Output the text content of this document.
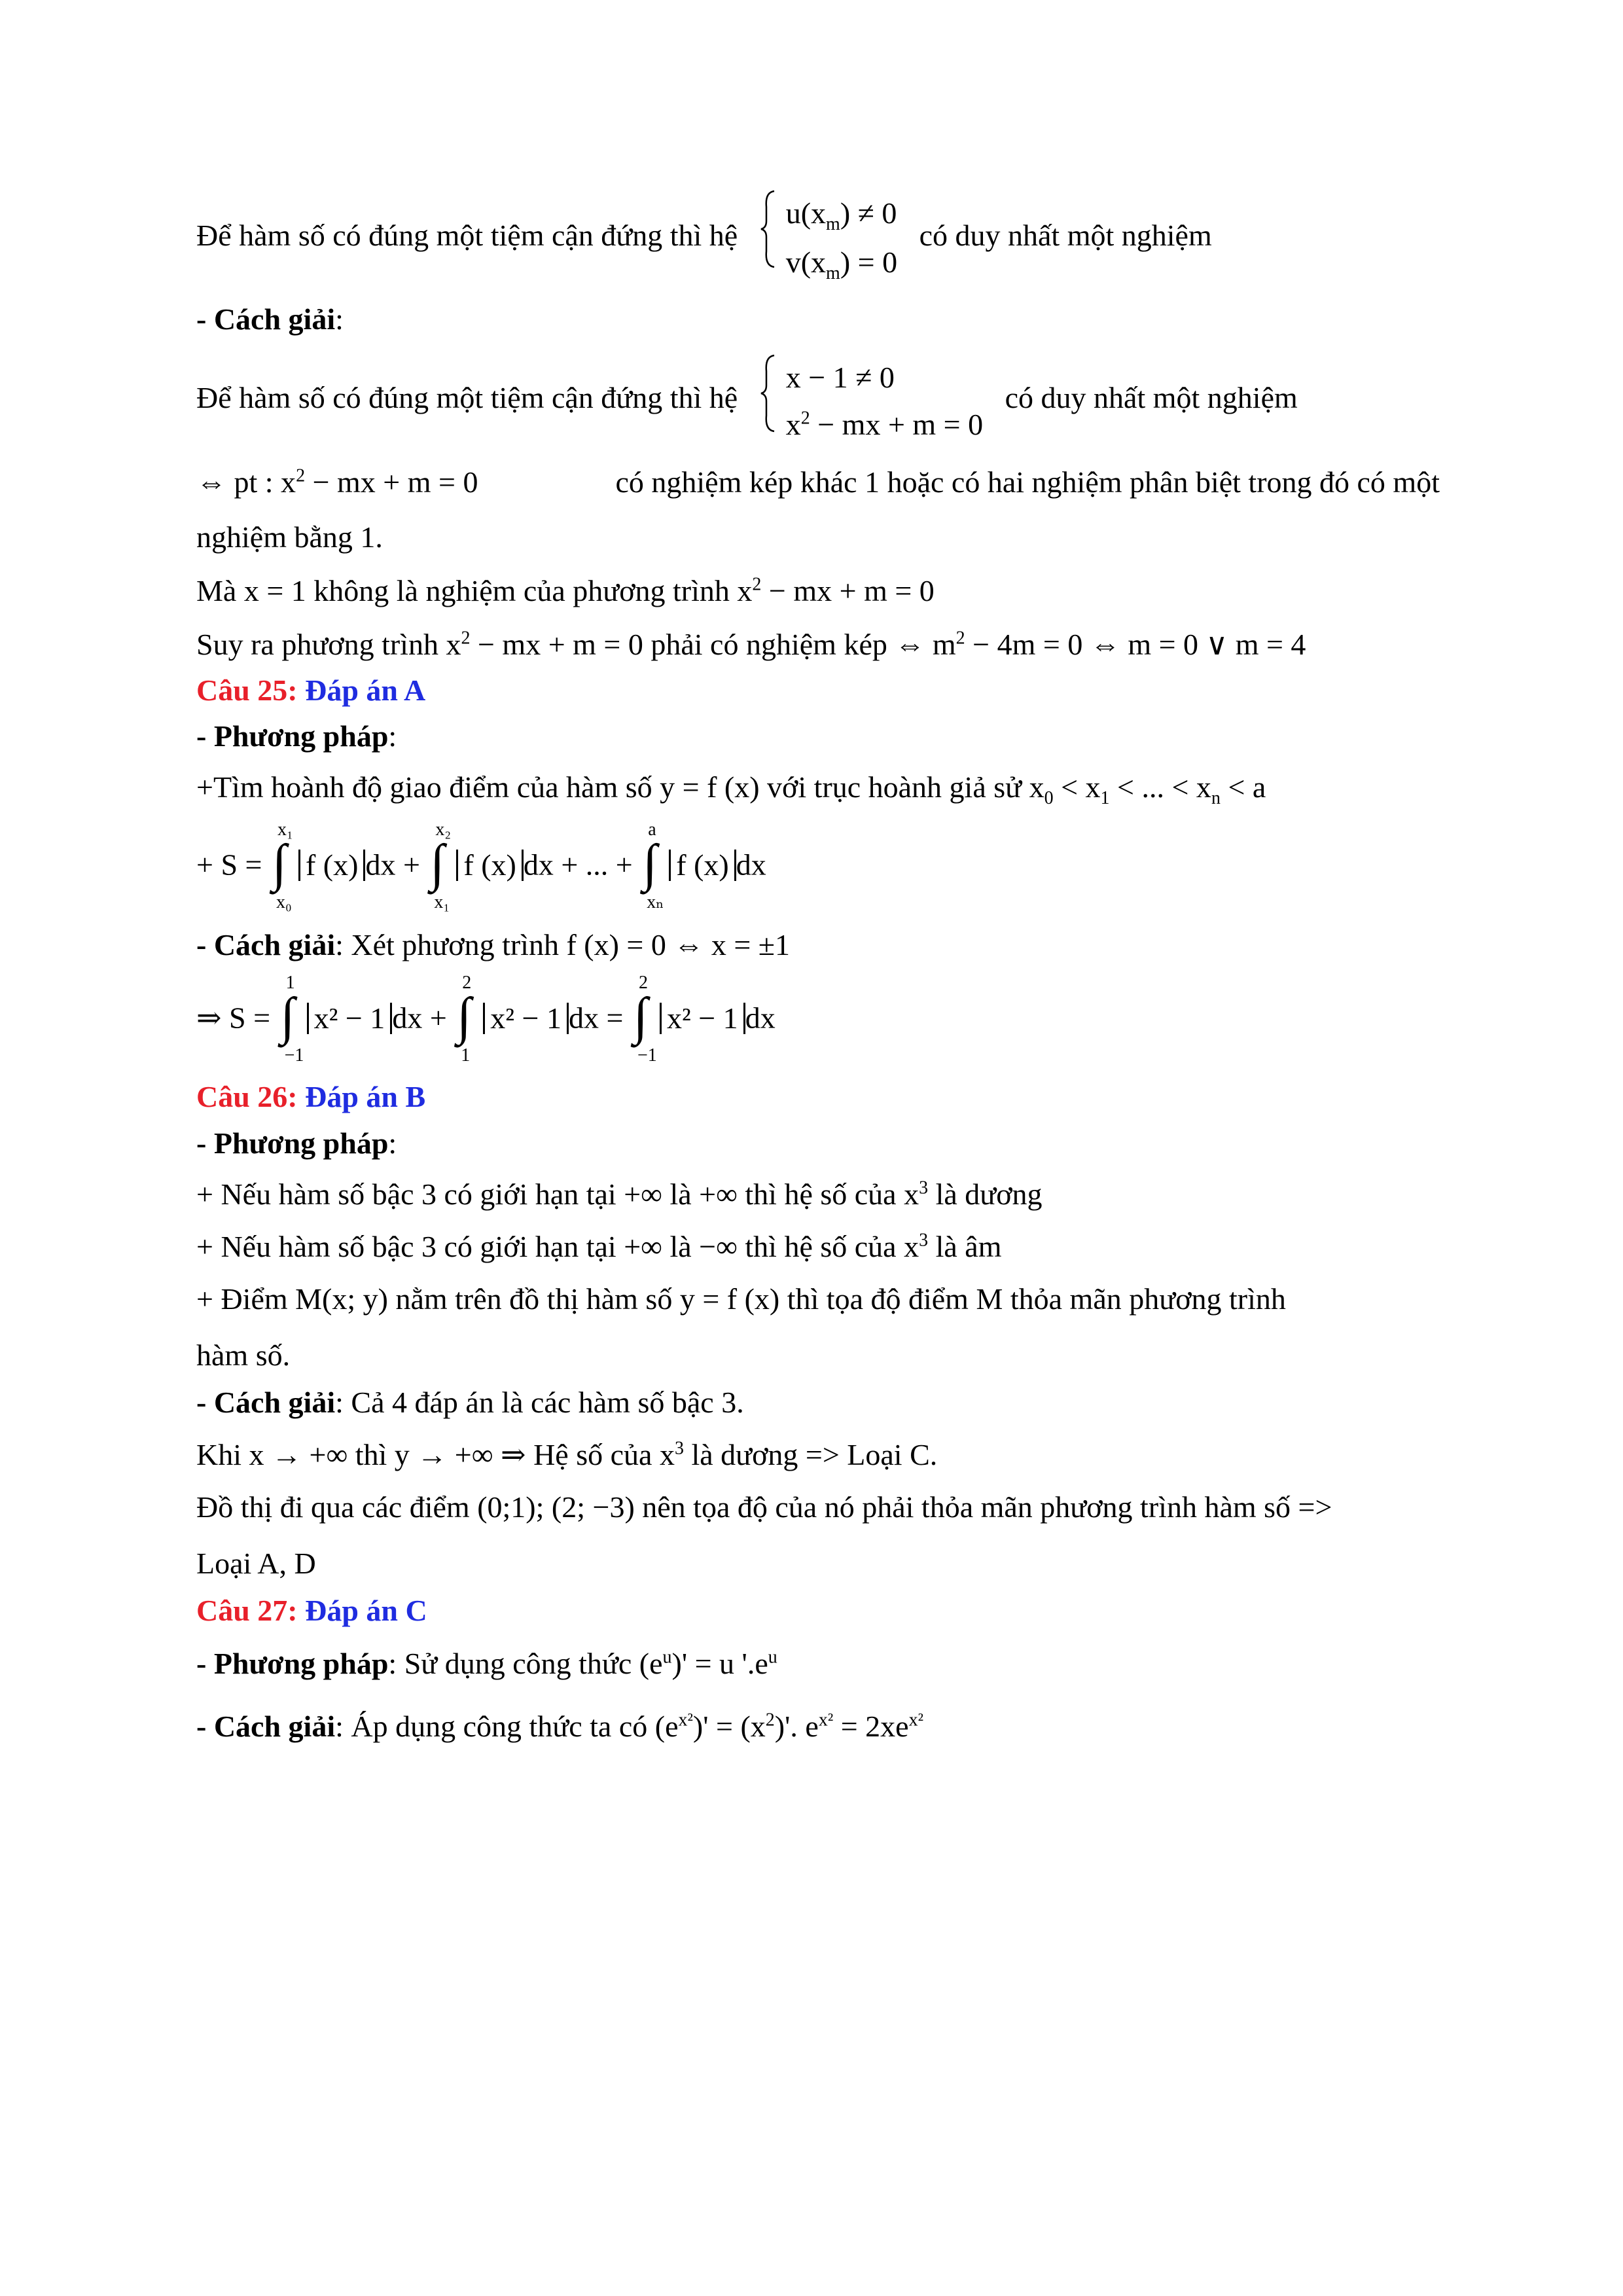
Để hàm số có đúng một tiệm cận đứng thì hệ
$u(x_m) \ne 0$
$v(x_m) = 0$
có duy nhất một nghiệm
- Cách giải:
Để hàm số có đúng một tiệm cận đứng thì hệ
x − 1 ≠ 0
$x^2$ − mx + m = 0
có duy nhất một nghiệm
⇔ pt : $x^2$ − mx + m = 0	có nghiệm kép khác 1 hoặc có hai nghiệm phân biệt trong đó có một
nghiệm bằng 1.
Mà x = 1 không là nghiệm của phương trình $x^2$ − mx + m = 0
Suy ra phương trình $x^2$ − mx + m = 0 phải có nghiệm kép ⇔ $m^2 - 4m = 0$ ⇔ m = 0 ∨ m = 4
Câu 25: Đáp án A
- Phương pháp:
+Tìm hoành độ giao điểm của hàm số y = f (x) với trục hoành giả sử $x_0 < x_1$ < ... < $x_n < a$
+ S =
x₁
∫
x₀
f (x) dx +
x₂
∫
x₁
f (x) dx + ... +
a
∫
xₙ
f (x) dx
- Cách giải: Xét phương trình f (x) = 0 ⇔ x = ±1
⇒ S =
1
∫
−1
x² − 1 dx +
2
∫
1
x² − 1 dx =
2
∫
−1
x² − 1 dx
Câu 26: Đáp án B
- Phương pháp:
+ Nếu hàm số bậc 3 có giới hạn tại +∞ là +∞ thì hệ số của $x^3$ là dương
+ Nếu hàm số bậc 3 có giới hạn tại +∞ là −∞ thì hệ số của $x^3$ là âm
+ Điểm M(x; y) nằm trên đồ thị hàm số y = f (x) thì tọa độ điểm M thỏa mãn phương trình
hàm số.
- Cách giải: Cả 4 đáp án là các hàm số bậc 3.
Khi x → +∞ thì y → +∞ ⇒ Hệ số của $x^3$ là dương => Loại C.
Đồ thị đi qua các điểm (0;1); (2; −3) nên tọa độ của nó phải thỏa mãn phương trình hàm số =>
Loại A, D
Câu 27: Đáp án C
- Phương pháp: Sử dụng công thức $(e^u)' = u$ '$.e^u$
- Cách giải: Áp dụng công thức ta có $(e^{x^2})' = (x^2)'$. $e^{x^2} = 2xe^{x^2}$
